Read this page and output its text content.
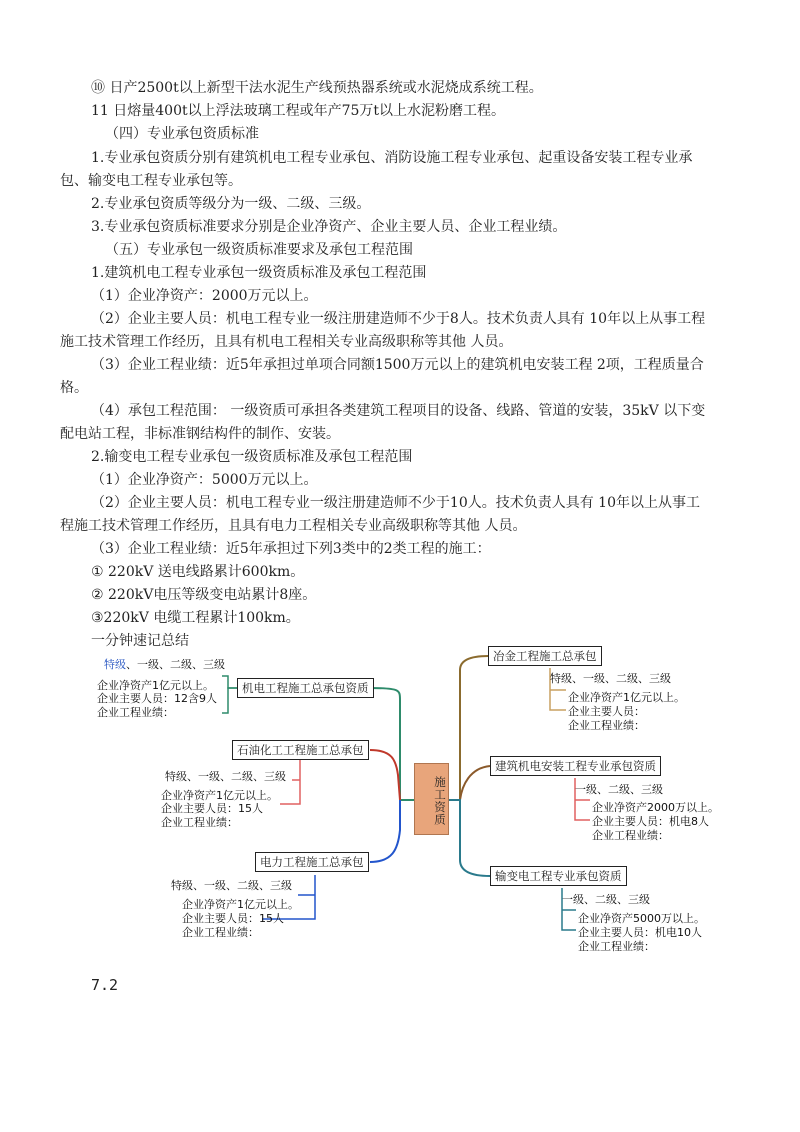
⑩ 日产2500t以上新型干法水泥生产线预热器系统或水泥烧成系统工程。
11 日熔量400t以上浮法玻璃工程或年产75万t以上水泥粉磨工程。
（四）专业承包资质标准
1.专业承包资质分别有建筑机电工程专业承包、消防设施工程专业承包、起重设备安装工程专业承
包、输变电工程专业承包等。
2.专业承包资质等级分为一级、二级、三级。
3.专业承包资质标准要求分别是企业净资产、企业主要人员、企业工程业绩。
（五）专业承包一级资质标准要求及承包工程范围
1.建筑机电工程专业承包一级资质标准及承包工程范围
（1）企业净资产：2000万元以上。
（2）企业主要人员：机电工程专业一级注册建造师不少于8人。技术负责人具有 10年以上从事工程
施工技术管理工作经历，且具有机电工程相关专业高级职称等其他 人员。
（3）企业工程业绩：近5年承担过单项合同额1500万元以上的建筑机电安装工程 2项，工程质量合
格。
（4）承包工程范围： 一级资质可承担各类建筑工程项目的设备、线路、管道的安装，35kV 以下变
配电站工程，非标准钢结构件的制作、安装。
2.输变电工程专业承包一级资质标准及承包工程范围
（1）企业净资产：5000万元以上。
（2）企业主要人员：机电工程专业一级注册建造师不少于10人。技术负责人具有 10年以上从事工
程施工技术管理工作经历，且具有电力工程相关专业高级职称等其他 人员。
（3）企业工程业绩：近5年承担过下列3类中的2类工程的施工：
① 220kV 送电线路累计600km。
② 220kV电压等级变电站累计8座。
③220kV 电缆工程累计100km。
一分钟速记总结
施工资质
机电工程施工总承包资质
特级、一级、二级、三级
企业净资产1亿元以上。
企业主要人员：12含9人
企业工程业绩：
石油化工工程施工总承包
特级、一级、二级、三级
企业净资产1亿元以上。
企业主要人员：15人
企业工程业绩：
电力工程施工总承包
特级、一级、二级、三级
企业净资产1亿元以上。
企业主要人员：15人
企业工程业绩：
冶金工程施工总承包
特级、一级、二级、三级
企业净资产1亿元以上。
企业主要人员：
企业工程业绩：
建筑机电安装工程专业承包资质
一级、二级、三级
企业净资产2000万以上。
企业主要人员：机电8人
企业工程业绩：
输变电工程专业承包资质
一级、二级、三级
企业净资产5000万以上。
企业主要人员：机电10人
企业工程业绩：
7.2
